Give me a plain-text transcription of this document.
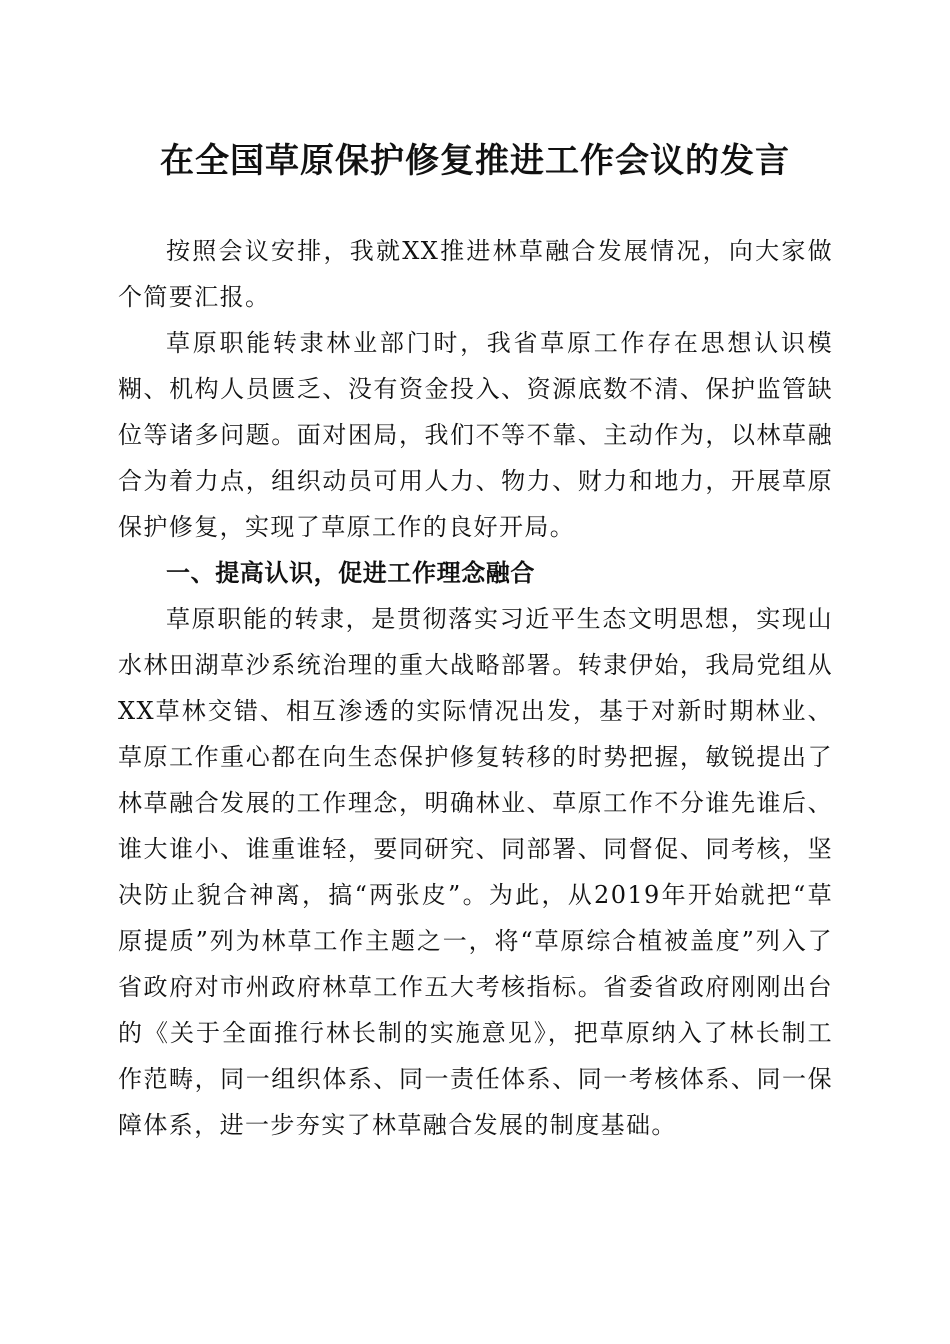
在全国草原保护修复推进工作会议的发言

按照会议安排，我就XX推进林草融合发展情况，向大家做个简要汇报。

草原职能转隶林业部门时，我省草原工作存在思想认识模糊、机构人员匮乏、没有资金投入、资源底数不清、保护监管缺位等诸多问题。面对困局，我们不等不靠、主动作为，以林草融合为着力点，组织动员可用人力、物力、财力和地力，开展草原保护修复，实现了草原工作的良好开局。

一、提高认识，促进工作理念融合

草原职能的转隶，是贯彻落实习近平生态文明思想，实现山水林田湖草沙系统治理的重大战略部署。转隶伊始，我局党组从XX草林交错、相互渗透的实际情况出发，基于对新时期林业、草原工作重心都在向生态保护修复转移的时势把握，敏锐提出了林草融合发展的工作理念，明确林业、草原工作不分谁先谁后、谁大谁小、谁重谁轻，要同研究、同部署、同督促、同考核，坚决防止貌合神离，搞“两张皮”。为此，从2019年开始就把“草原提质”列为林草工作主题之一，将“草原综合植被盖度”列入了省政府对市州政府林草工作五大考核指标。省委省政府刚刚出台的《关于全面推行林长制的实施意见》，把草原纳入了林长制工作范畴，同一组织体系、同一责任体系、同一考核体系、同一保障体系，进一步夯实了林草融合发展的制度基础。
